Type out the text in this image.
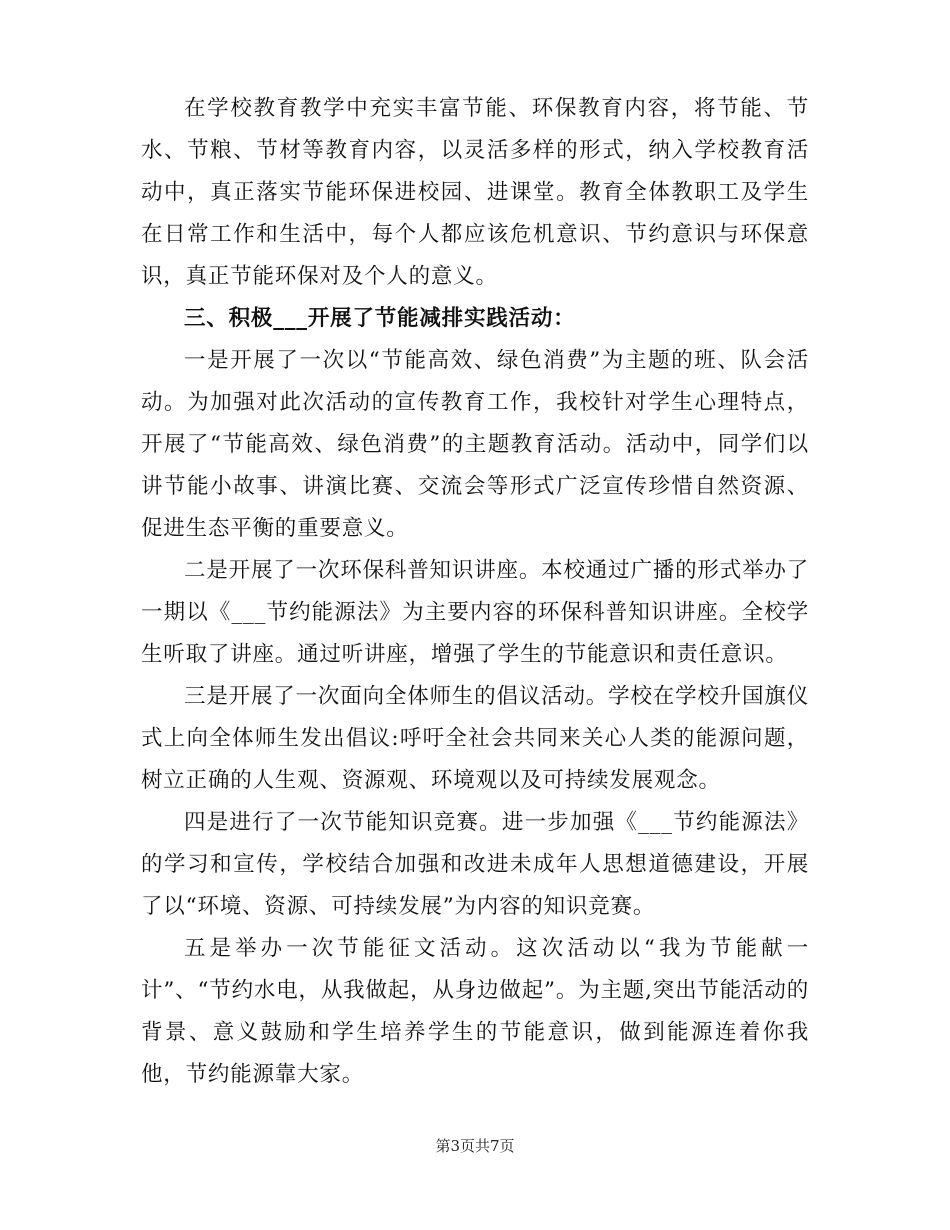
在学校教育教学中充实丰富节能、环保教育内容，将节能、节水、节粮、节材等教育内容，以灵活多样的形式，纳入学校教育活动中，真正落实节能环保进校园、进课堂。教育全体教职工及学生在日常工作和生活中，每个人都应该危机意识、节约意识与环保意识，真正节能环保对及个人的意义。

三、积极___开展了节能减排实践活动：

一是开展了一次以“节能高效、绿色消费”为主题的班、队会活动。为加强对此次活动的宣传教育工作，我校针对学生心理特点，开展了“节能高效、绿色消费”的主题教育活动。活动中，同学们以讲节能小故事、讲演比赛、交流会等形式广泛宣传珍惜自然资源、促进生态平衡的重要意义。

二是开展了一次环保科普知识讲座。本校通过广播的形式举办了一期以《___节约能源法》为主要内容的环保科普知识讲座。全校学生听取了讲座。通过听讲座，增强了学生的节能意识和责任意识。

三是开展了一次面向全体师生的倡议活动。学校在学校升国旗仪式上向全体师生发出倡议:呼吁全社会共同来关心人类的能源问题，树立正确的人生观、资源观、环境观以及可持续发展观念。

四是进行了一次节能知识竞赛。进一步加强《___节约能源法》的学习和宣传，学校结合加强和改进未成年人思想道德建设，开展了以“环境、资源、可持续发展”为内容的知识竞赛。

五是举办一次节能征文活动。这次活动以“我为节能献一计”、“节约水电，从我做起，从身边做起”。为主题,突出节能活动的背景、意义鼓励和学生培养学生的节能意识，做到能源连着你我他，节约能源靠大家。

第3页共7页
